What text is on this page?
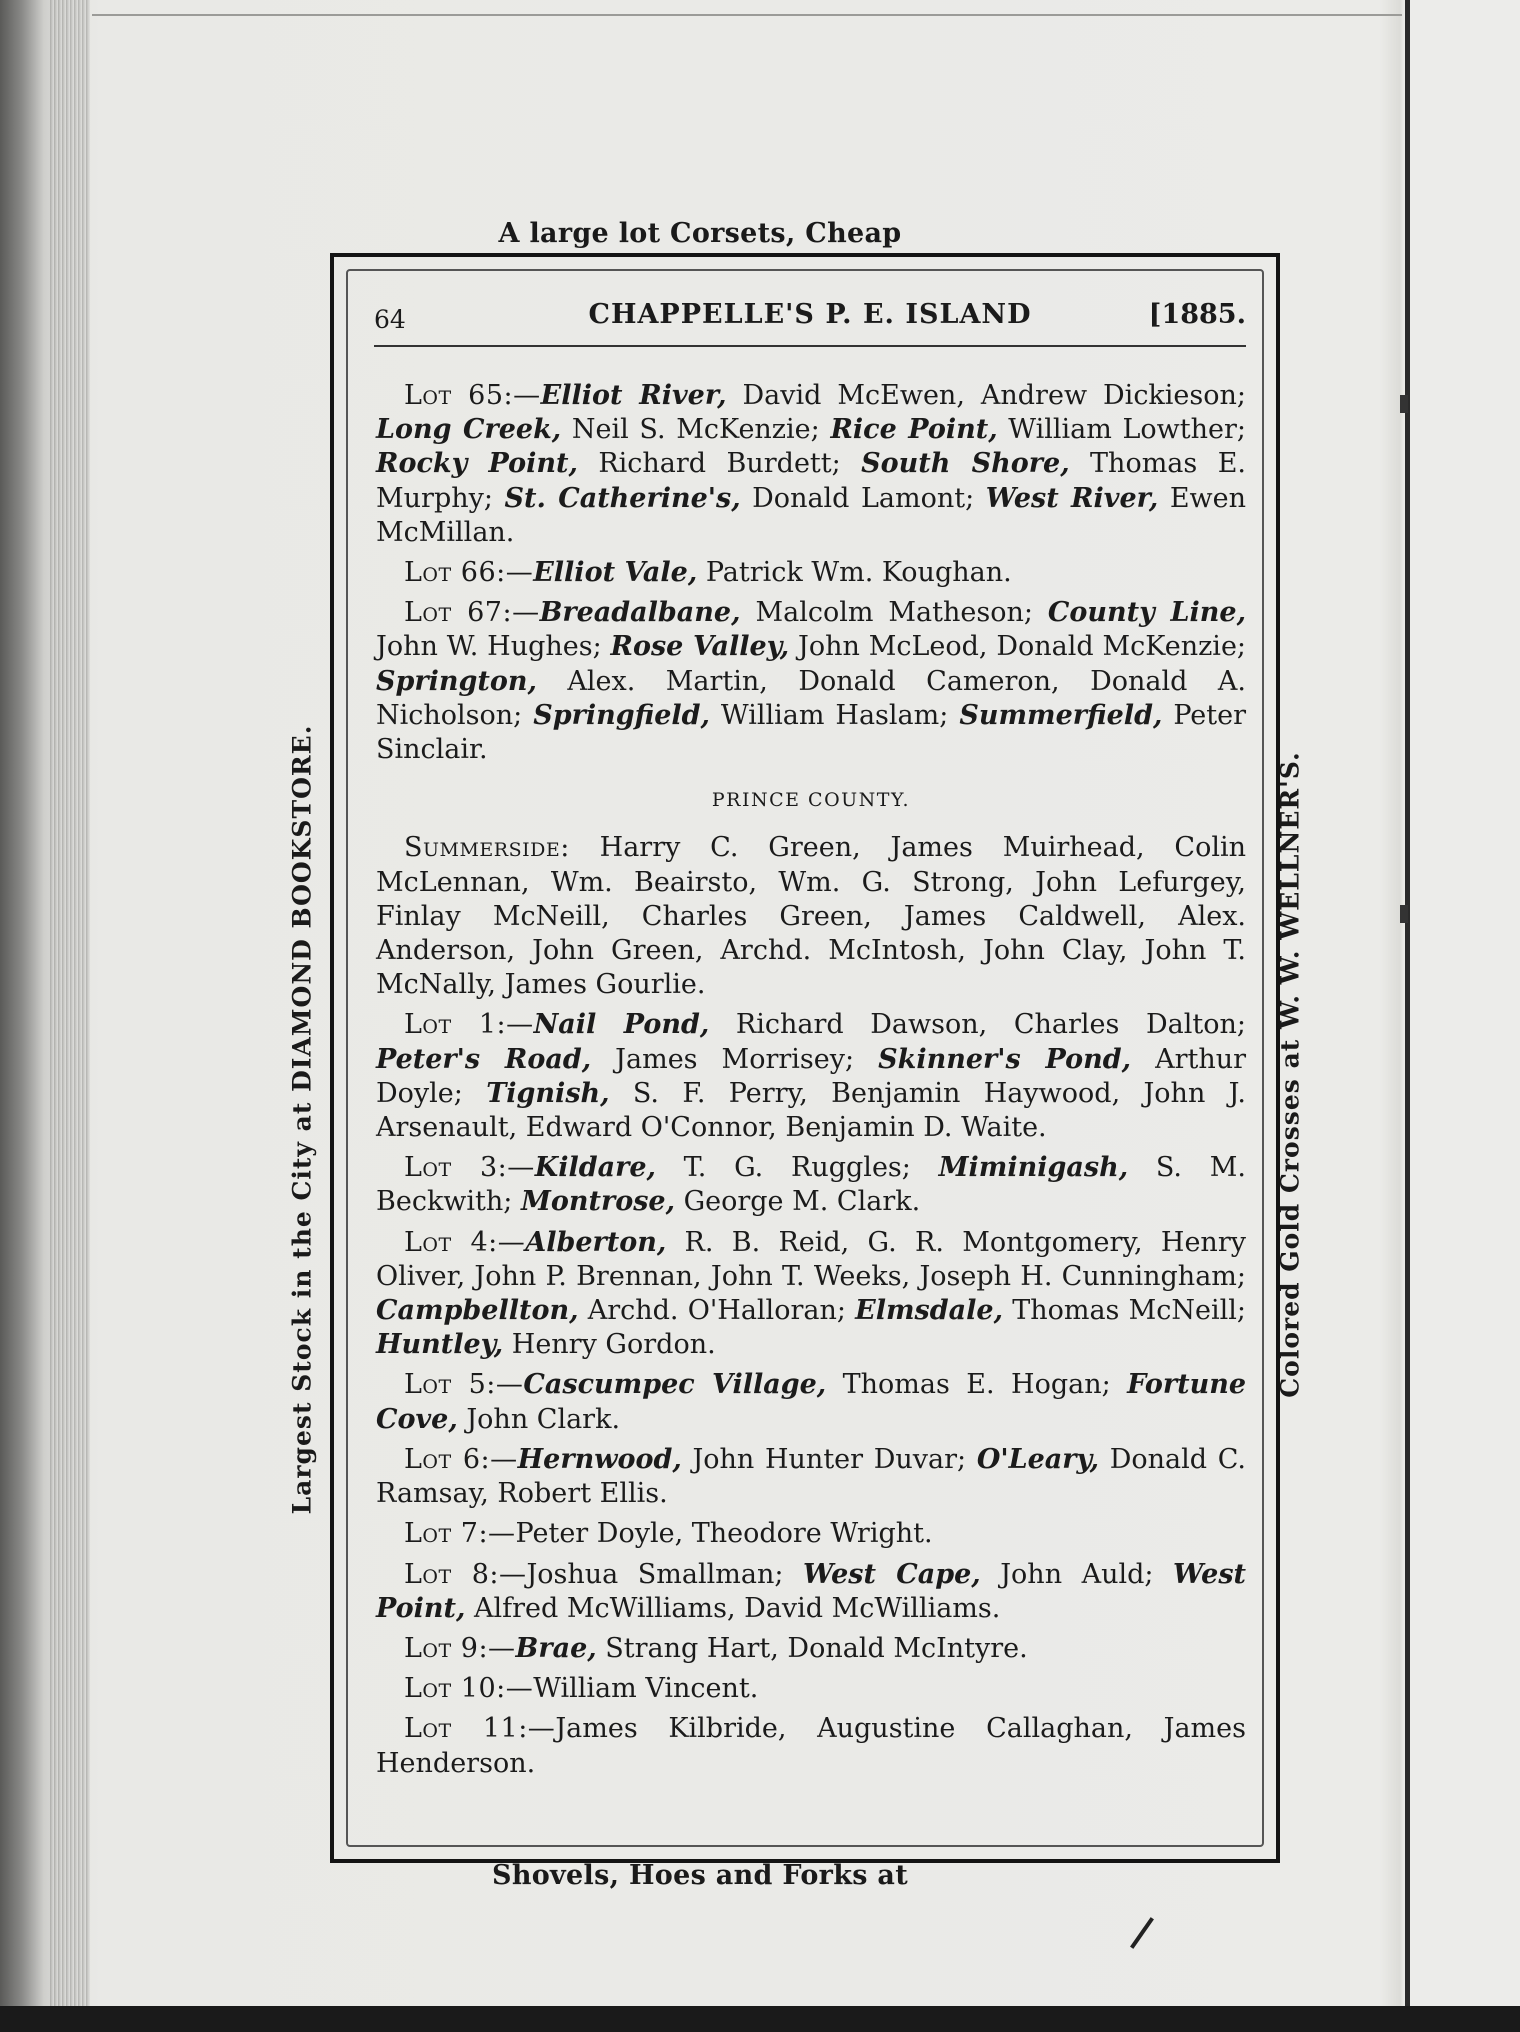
A large lot Corsets, Cheap
Largest Stock in the City at DIAMOND BOOKSTORE.	Colored Gold Crosses at W. W. WELLNER'S.
Shovels, Hoes and Forks at
64	CHAPPELLE'S P. E. ISLAND	[1885.

Lot 65:—Elliot River, David McEwen, Andrew Dickieson; Long Creek, Neil S. McKenzie; Rice Point, William Lowther; Rocky Point, Richard Burdett; South Shore, Thomas E. Murphy; St. Catherine's, Donald Lamont; West River, Ewen McMillan.

Lot 66:—Elliot Vale, Patrick Wm. Koughan.

Lot 67:—Breadalbane, Malcolm Matheson; County Line, John W. Hughes; Rose Valley, John McLeod, Donald McKenzie; Springton, Alex. Martin, Donald Cameron, Donald A. Nicholson; Springfield, William Haslam; Summerfield, Peter Sinclair.

PRINCE COUNTY.

Summerside: Harry C. Green, James Muirhead, Colin McLennan, Wm. Beairsto, Wm. G. Strong, John Lefurgey, Finlay McNeill, Charles Green, James Caldwell, Alex. Anderson, John Green, Archd. McIntosh, John Clay, John T. McNally, James Gourlie.

Lot 1:—Nail Pond, Richard Dawson, Charles Dalton; Peter's Road, James Morrisey; Skinner's Pond, Arthur Doyle; Tignish, S. F. Perry, Benjamin Haywood, John J. Arsenault, Edward O'Connor, Benjamin D. Waite.

Lot 3:—Kildare, T. G. Ruggles; Miminigash, S. M. Beckwith; Montrose, George M. Clark.

Lot 4:—Alberton, R. B. Reid, G. R. Montgomery, Henry Oliver, John P. Brennan, John T. Weeks, Joseph H. Cunningham; Campbellton, Archd. O'Halloran; Elmsdale, Thomas McNeill; Huntley, Henry Gordon.

Lot 5:—Cascumpec Village, Thomas E. Hogan; Fortune Cove, John Clark.

Lot 6:—Hernwood, John Hunter Duvar; O'Leary, Donald C. Ramsay, Robert Ellis.

Lot 7:—Peter Doyle, Theodore Wright.

Lot 8:—Joshua Smallman; West Cape, John Auld; West Point, Alfred McWilliams, David McWilliams.

Lot 9:—Brae, Strang Hart, Donald McIntyre.

Lot 10:—William Vincent.

Lot 11:—James Kilbride, Augustine Callaghan, James Henderson.
